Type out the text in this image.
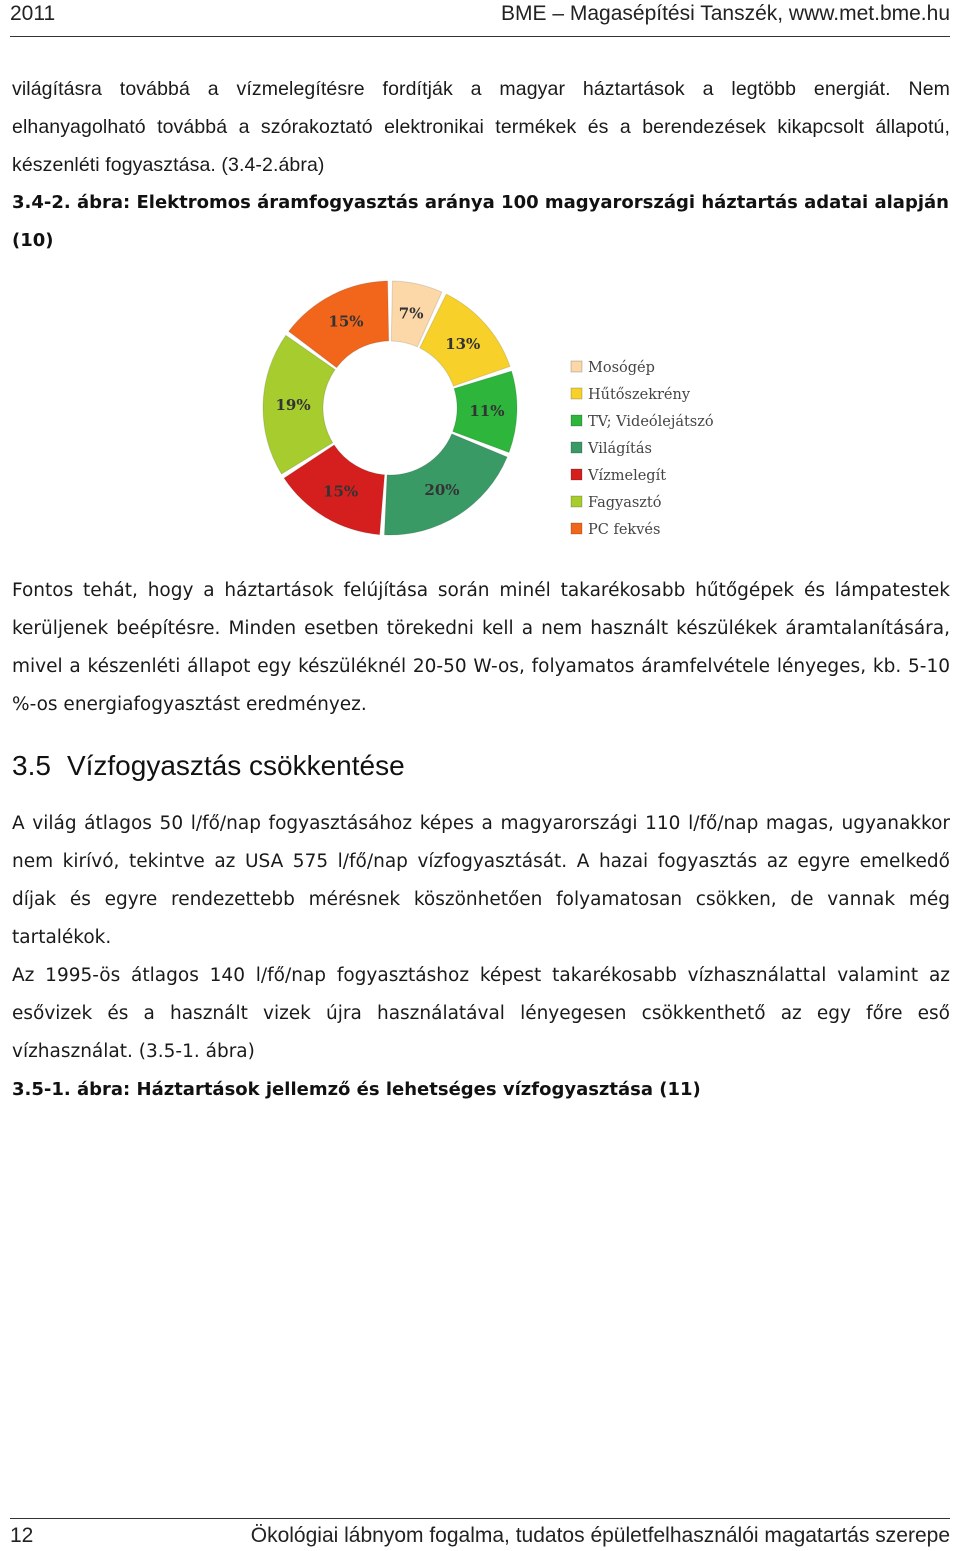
2011	BME – Magasépítési Tanszék, www.met.bme.hu
világításra továbbá a vízmelegítésre fordítják a magyar háztartások a legtöbb energiát. Nem elhanyagolható továbbá a szórakoztató elektronikai termékek és a berendezések kikapcsolt állapotú, készenléti fogyasztása. (3.4-2.ábra)
3.4-2. ábra: Elektromos áramfogyasztás aránya 100 magyarországi háztartás adatai alapján (10)
7%
13%
11%
20%
15%
19%
15%
Mosógép
Hűtőszekrény
TV; Videólejátszó
Világítás
Vízmelegít
Fagyasztó
PC fekvés
Fontos tehát, hogy a háztartások felújítása során minél takarékosabb hűtőgépek és lámpatestek kerüljenek beépítésre. Minden esetben törekedni kell a nem használt készülékek áramtalanítására, mivel a készenléti állapot egy készüléknél 20-50 W-os, folyamatos áramfelvétele lényeges, kb. 5-10 %-os energiafogyasztást eredményez.
3.5 Vízfogyasztás csökkentése
A világ átlagos 50 l/fő/nap fogyasztásához képes a magyarországi 110 l/fő/nap magas, ugyanakkor nem kirívó, tekintve az USA 575 l/fő/nap vízfogyasztását. A hazai fogyasztás az egyre emelkedő díjak és egyre rendezettebb mérésnek köszönhetően folyamatosan csökken, de vannak még tartalékok.
Az 1995-ös átlagos 140 l/fő/nap fogyasztáshoz képest takarékosabb vízhasználattal valamint az esővizek és a használt vizek újra használatával lényegesen csökkenthető az egy főre eső vízhasználat. (3.5-1. ábra)
3.5-1. ábra: Háztartások jellemző és lehetséges vízfogyasztása (11)
12	Ökológiai lábnyom fogalma, tudatos épületfelhasználói magatartás szerepe
